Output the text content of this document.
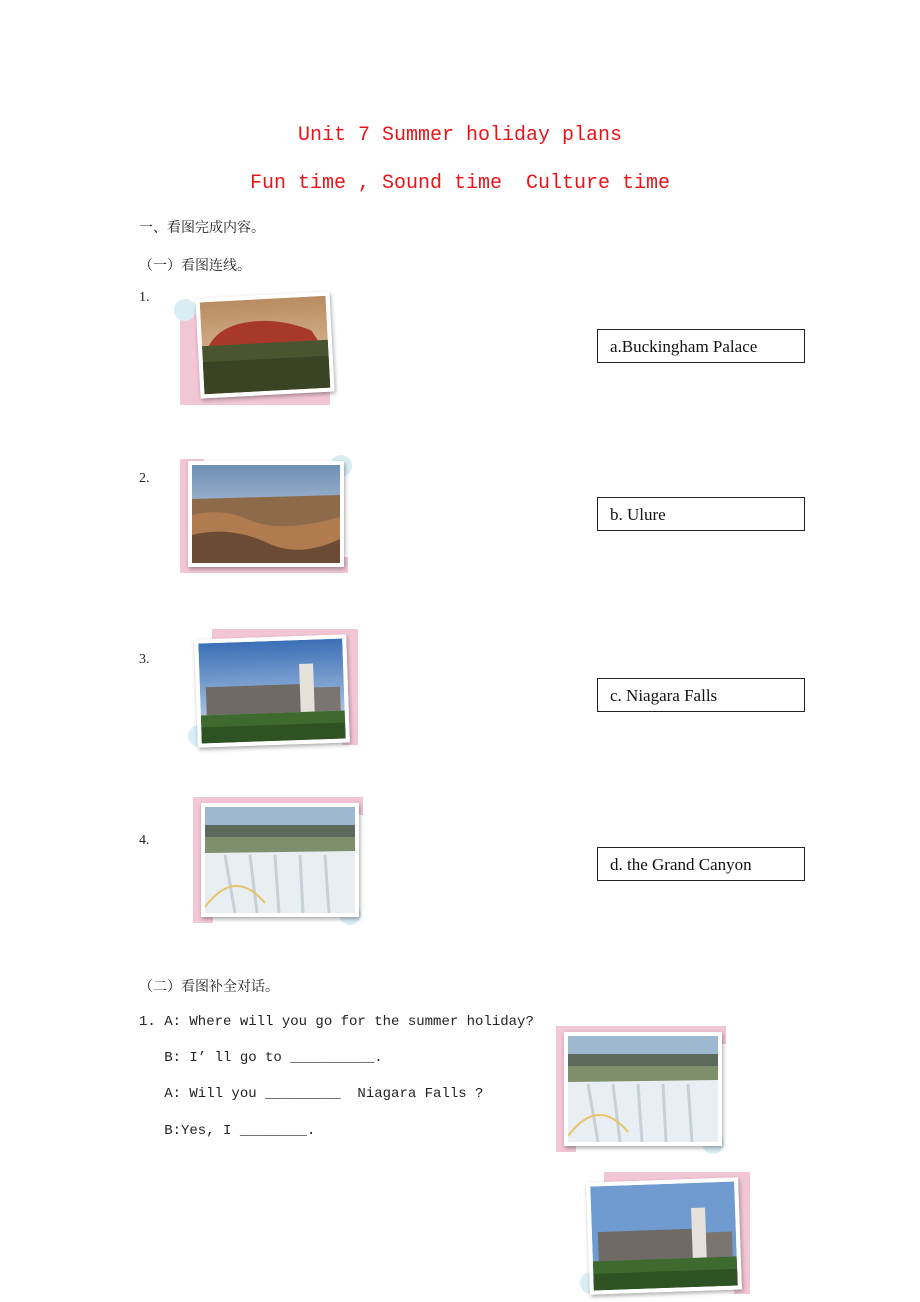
Unit 7 Summer holiday plans
Fun time , Sound time  Culture time
一、看图完成内容。
（一）看图连线。
1.
2.
3.
4.
a.Buckingham Palace
b. Ulure
c. Niagara Falls
d. the Grand Canyon
（二）看图补全对话。
1. A: Where will you go for the summer holiday?
B: I’ ll go to __________.
A: Will you _________  Niagara Falls ?
B:Yes, I ________.
